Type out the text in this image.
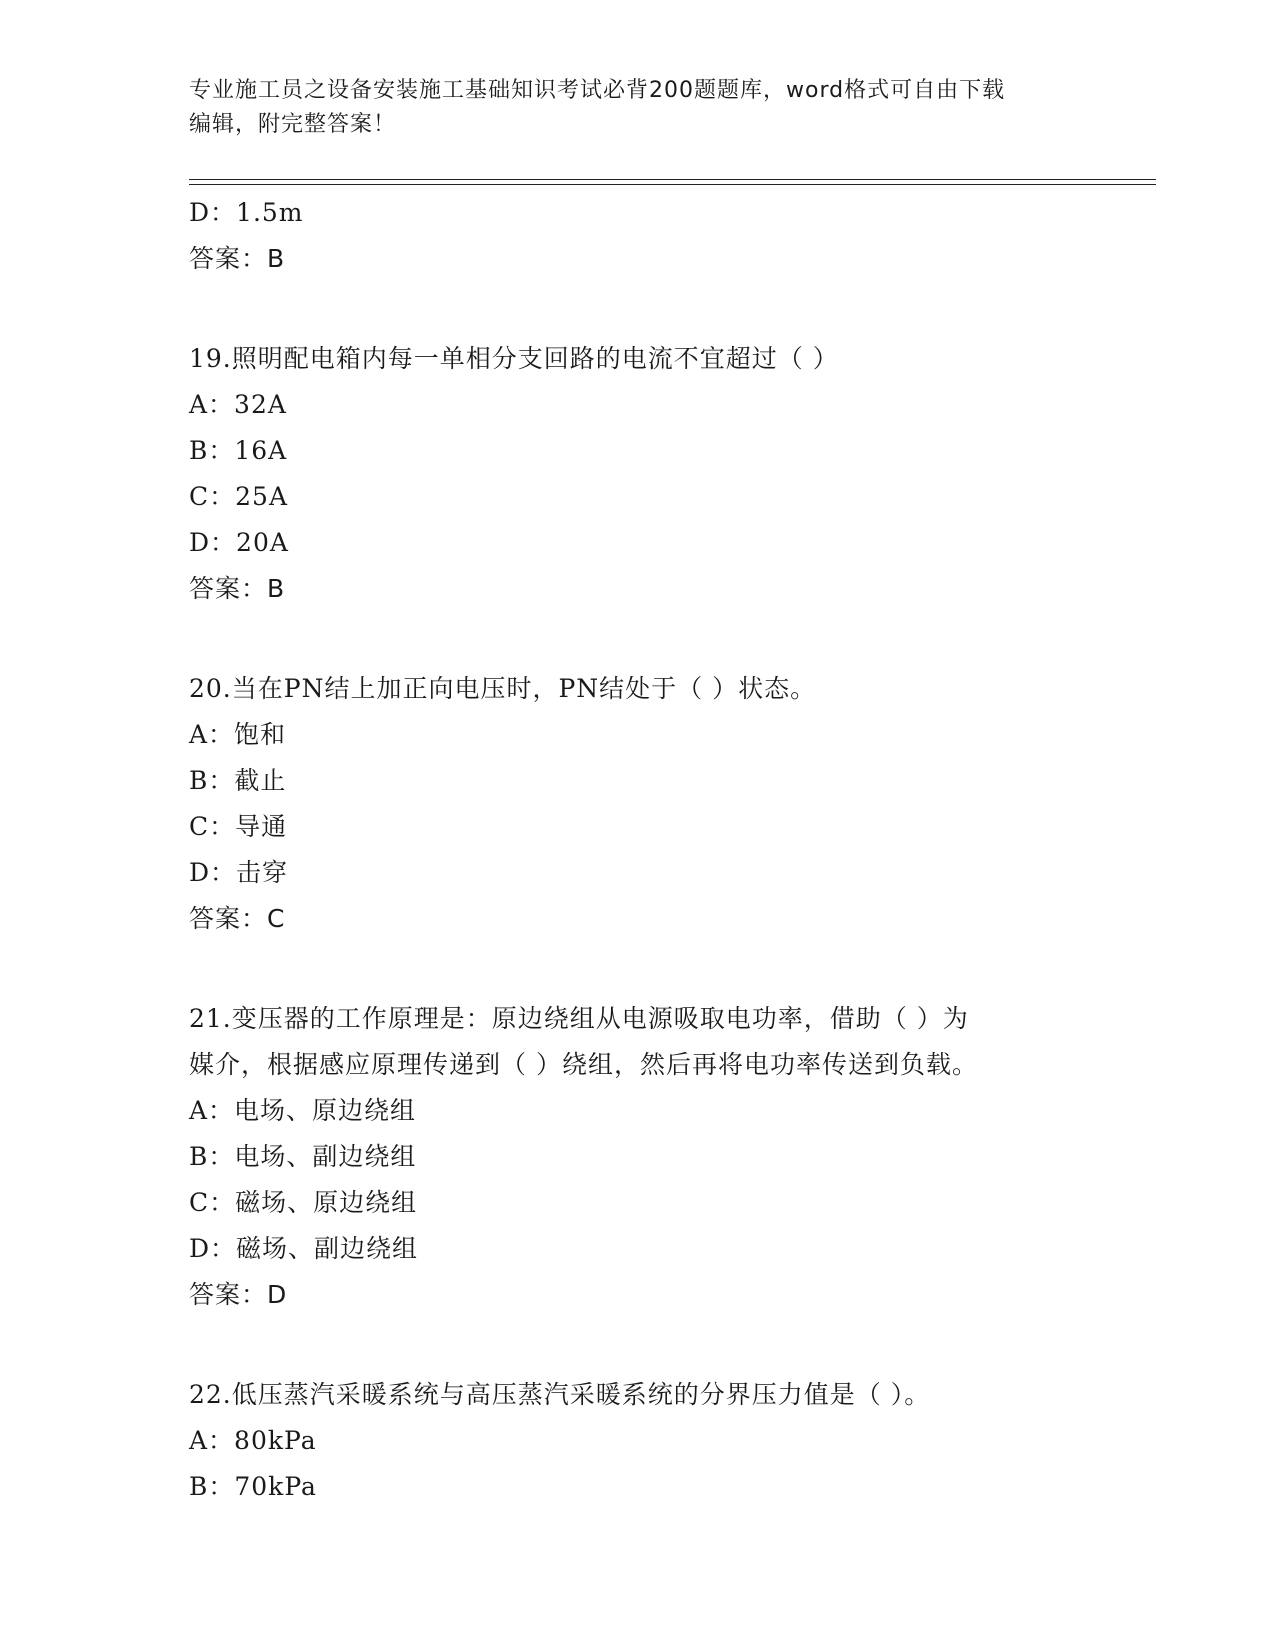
专业施工员之设备安装施工基础知识考试必背200题题库，word格式可自由下载
编辑，附完整答案！
D：1.5m
答案：B
19.照明配电箱内每一单相分支回路的电流不宜超过（ ）
A：32A
B：16A
C：25A
D：20A
答案：B
20.当在PN结上加正向电压时，PN结处于（ ）状态。
A：饱和
B：截止
C：导通
D：击穿
答案：C
21.变压器的工作原理是：原边绕组从电源吸取电功率，借助（ ）为
媒介，根据感应原理传递到（ ）绕组，然后再将电功率传送到负载。
A：电场、原边绕组
B：电场、副边绕组
C：磁场、原边绕组
D：磁场、副边绕组
答案：D
22.低压蒸汽采暖系统与高压蒸汽采暖系统的分界压力值是（ ）。
A：80kPa
B：70kPa
